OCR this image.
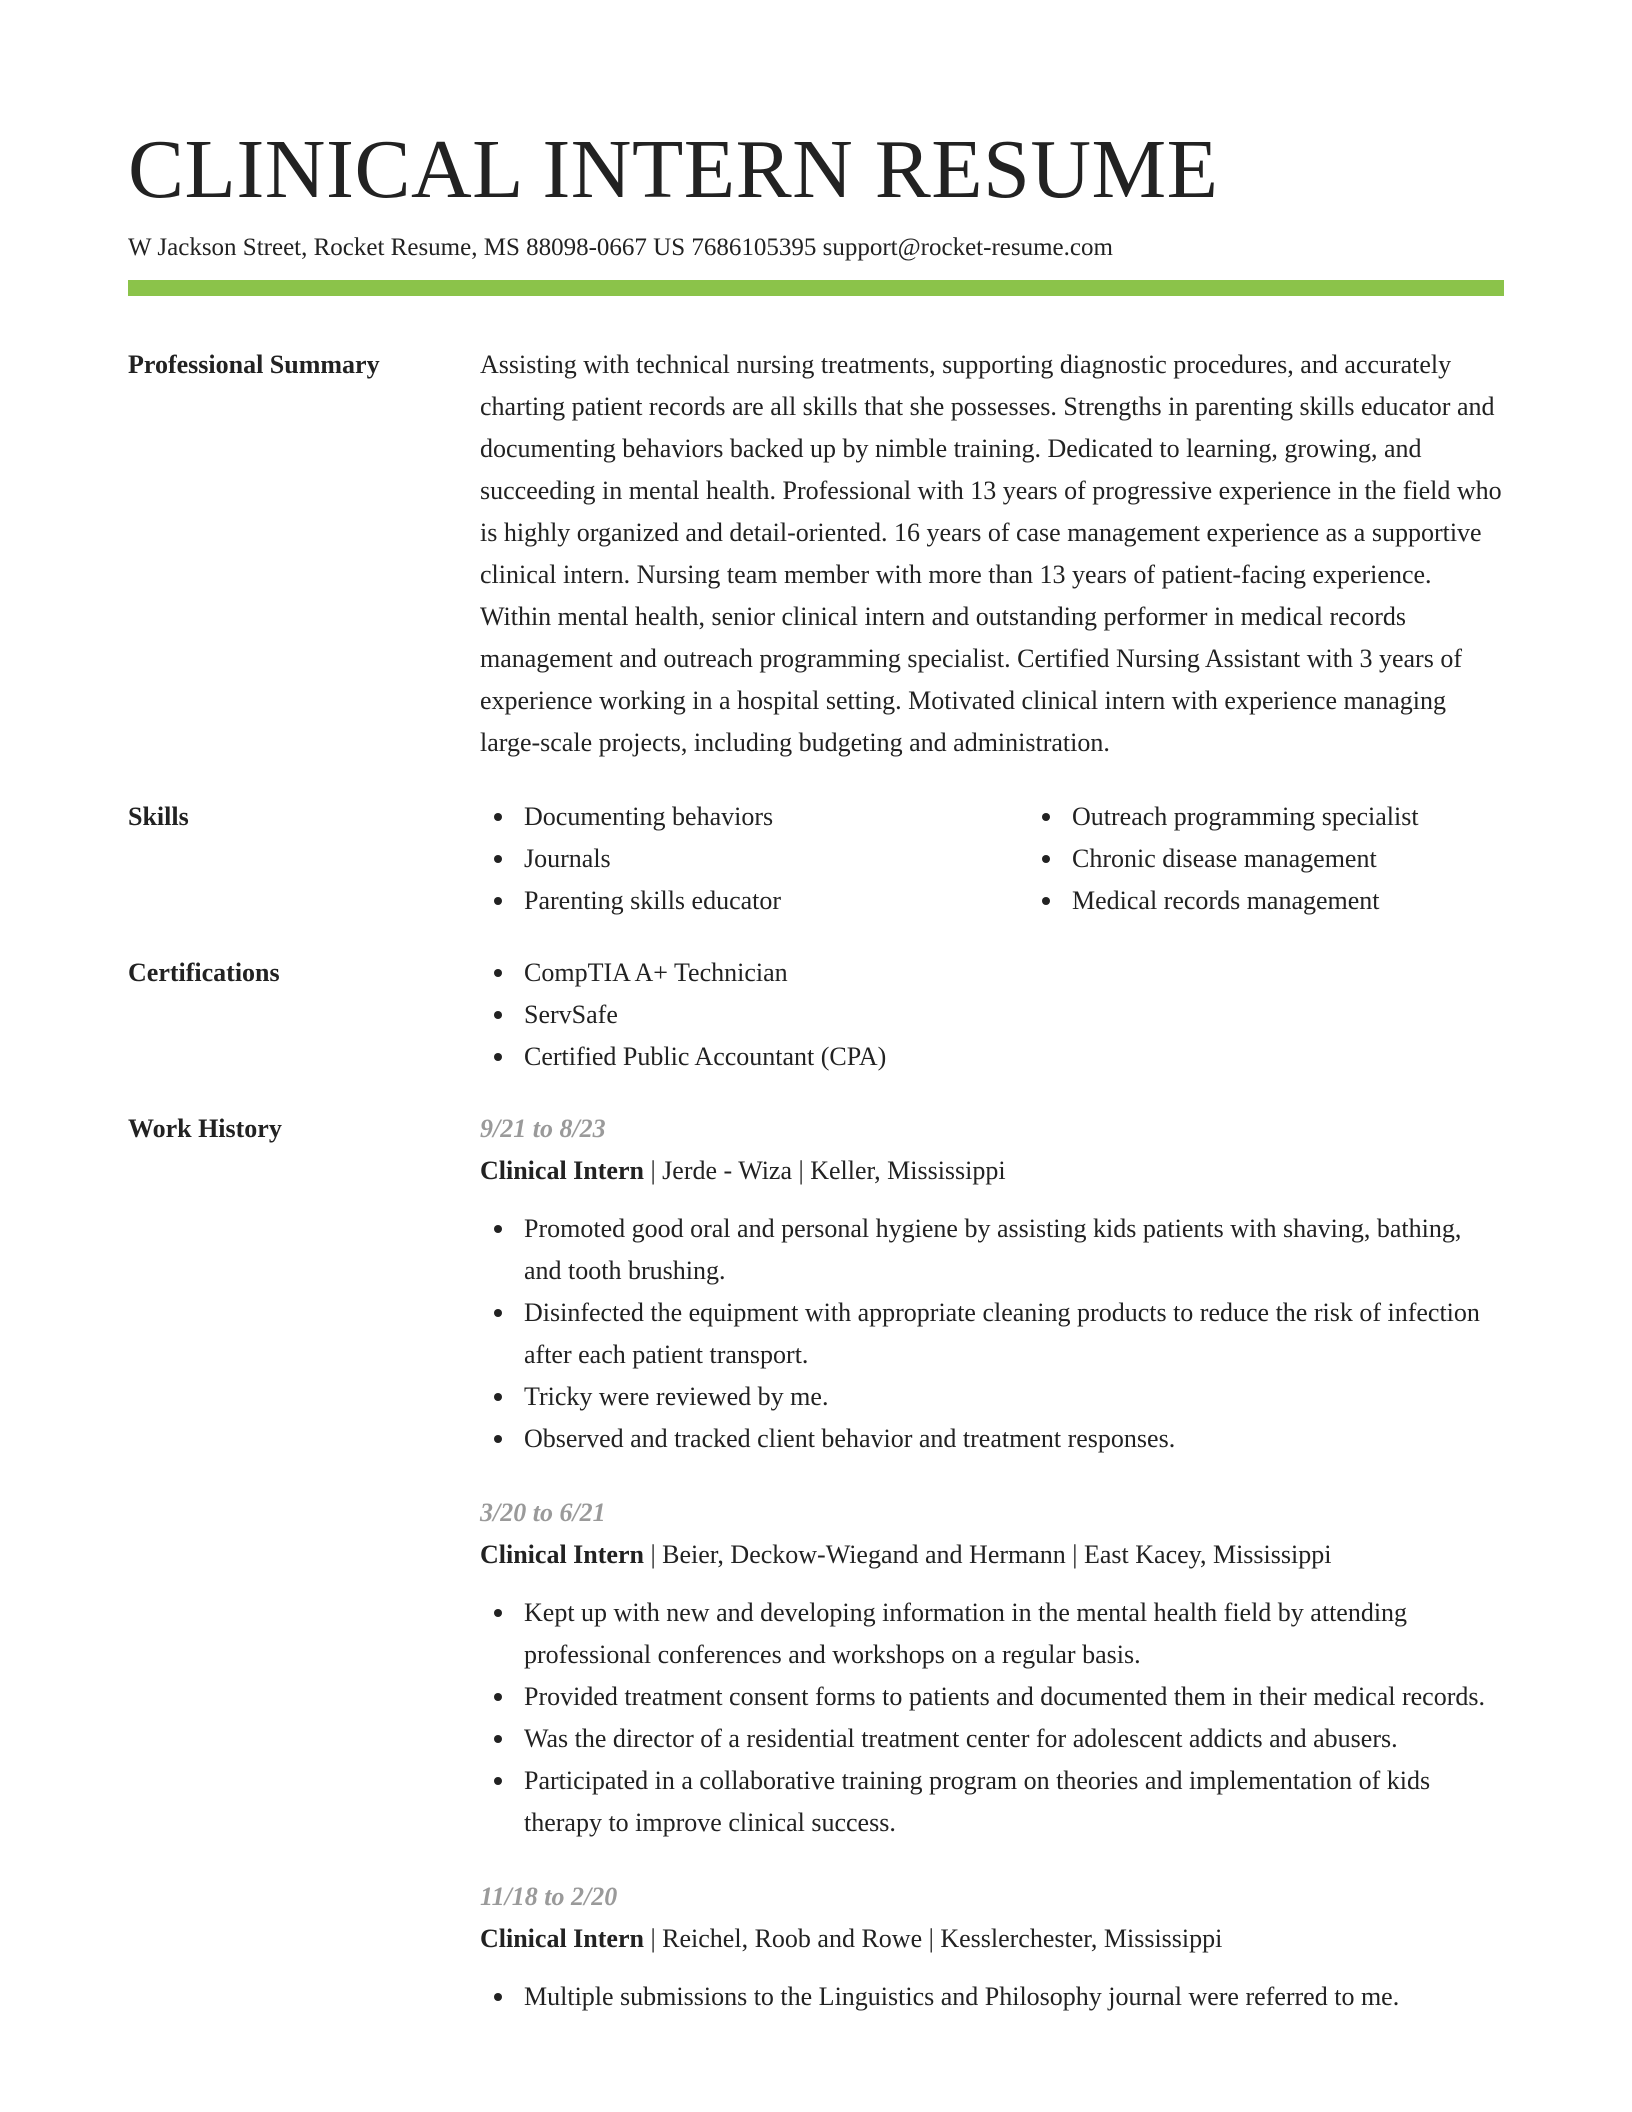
CLINICAL INTERN RESUME
W Jackson Street, Rocket Resume, MS 88098-0667 US 7686105395 support@rocket-resume.com
Professional Summary	Assisting with technical nursing treatments, supporting diagnostic procedures, and accurately charting patient records are all skills that she possesses. Strengths in parenting skills educator and documenting behaviors backed up by nimble training. Dedicated to learning, growing, and succeeding in mental health. Professional with 13 years of progressive experience in the field who is highly organized and detail-oriented. 16 years of case management experience as a supportive clinical intern. Nursing team member with more than 13 years of patient-facing experience. Within mental health, senior clinical intern and outstanding performer in medical records management and outreach programming specialist. Certified Nursing Assistant with 3 years of experience working in a hospital setting. Motivated clinical intern with experience managing large-scale projects, including budgeting and administration.

Skills	Documenting behaviors
Journals
Parenting skills educator
Outreach programming specialist
Chronic disease management
Medical records management
Certifications	CompTIA A+ Technician
ServSafe
Certified Public Accountant (CPA)
Work History	9/21 to 8/23
Clinical Intern | Jerde - Wiza | Keller, Mississippi
Promoted good oral and personal hygiene by assisting kids patients with shaving, bathing, and tooth brushing.
Disinfected the equipment with appropriate cleaning products to reduce the risk of infection after each patient transport.
Tricky were reviewed by me.
Observed and tracked client behavior and treatment responses.
3/20 to 6/21
Clinical Intern | Beier, Deckow-Wiegand and Hermann | East Kacey, Mississippi
Kept up with new and developing information in the mental health field by attending professional conferences and workshops on a regular basis.
Provided treatment consent forms to patients and documented them in their medical records.
Was the director of a residential treatment center for adolescent addicts and abusers.
Participated in a collaborative training program on theories and implementation of kids therapy to improve clinical success.
11/18 to 2/20
Clinical Intern | Reichel, Roob and Rowe | Kesslerchester, Mississippi
Multiple submissions to the Linguistics and Philosophy journal were referred to me.
